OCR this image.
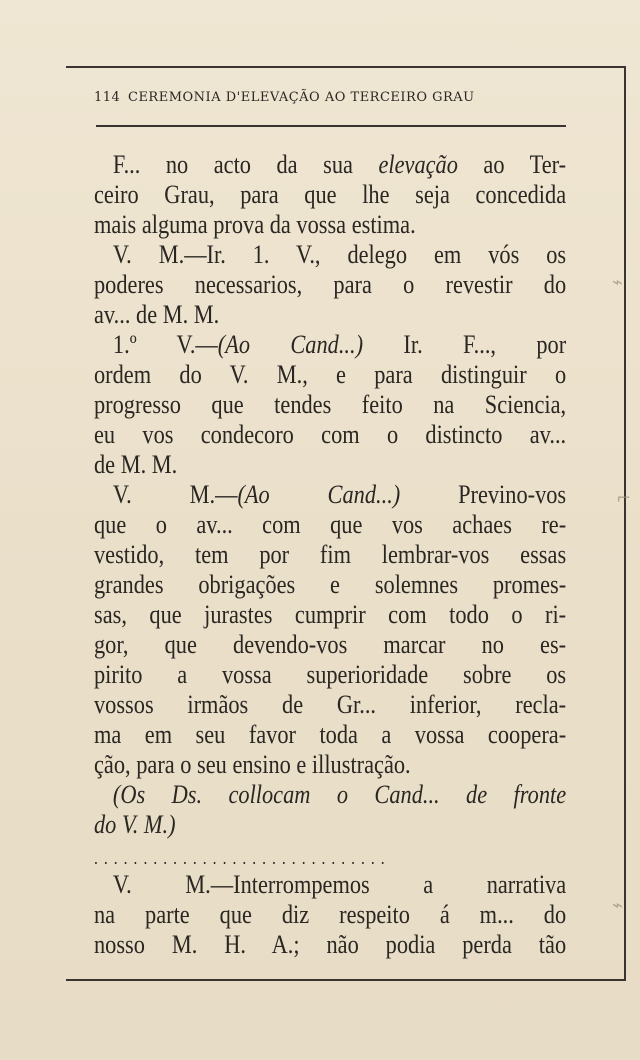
114 CEREMONIA D'ELEVAÇÃO AO TERCEIRO GRAU
F... no acto da sua elevação ao Ter-
ceiro Grau, para que lhe seja concedida
mais alguma prova da vossa estima.
V. M.—Ir. 1. V., delego em vós os
poderes necessarios, para o revestir do
av... de M. M.
1.º V.—(Ao Cand...) Ir. F..., por
ordem do V. M., e para distinguir o
progresso que tendes feito na Sciencia,
eu vos condecoro com o distincto av...
de M. M.
V. M.—(Ao Cand...) Previno-vos
que o av... com que vos achaes re-
vestido, tem por fim lembrar-vos essas
grandes obrigações e solemnes promes-
sas, que jurastes cumprir com todo o ri-
gor, que devendo-vos marcar no es-
pirito a vossa superioridade sobre os
vossos irmãos de Gr... inferior, recla-
ma em seu favor toda a vossa coopera-
ção, para o seu ensino e illustração.
(Os Ds. collocam o Cand... de fronte
do V. M.)
..............................
V. M.—Interrompemos a narrativa
na parte que diz respeito á m... do
nosso M. H. A.; não podia perda tão
⌁
⌐
⌁
